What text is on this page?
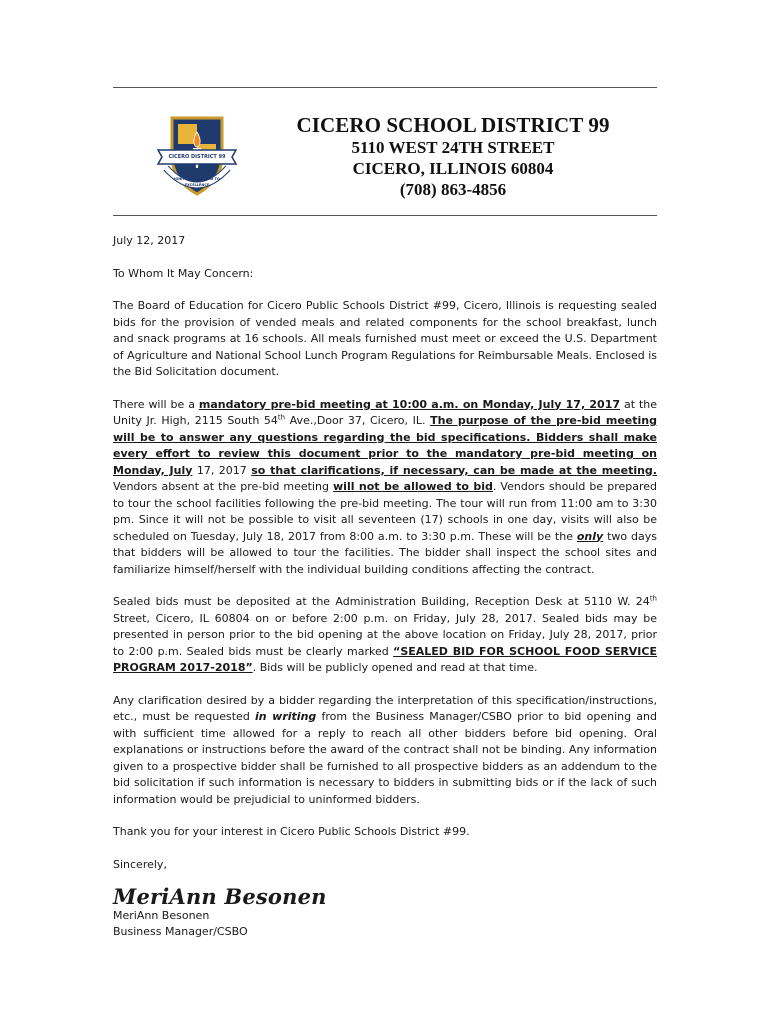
CICERO DISTRICT 99
IGNITING THE ROAD TO EXCELLENCE
CICERO SCHOOL DISTRICT 99
5110 WEST 24TH STREET
CICERO, ILLINOIS 60804
(708) 863-4856

July 12, 2017

To Whom It May Concern:

The Board of Education for Cicero Public Schools District #99, Cicero, Illinois is requesting sealed bids for the provision of vended meals and related components for the school breakfast, lunch and snack programs at 16 schools. All meals furnished must meet or exceed the U.S. Department of Agriculture and National School Lunch Program Regulations for Reimbursable Meals. Enclosed is the Bid Solicitation document.

There will be a mandatory pre-bid meeting at 10:00 a.m. on Monday, July 17, 2017 at the Unity Jr. High, 2115 South 54th Ave.,Door 37, Cicero, IL. The purpose of the pre-bid meeting will be to answer any questions regarding the bid specifications. Bidders shall make every effort to review this document prior to the mandatory pre-bid meeting on Monday, July 17, 2017 so that clarifications, if necessary, can be made at the meeting. Vendors absent at the pre-bid meeting will not be allowed to bid. Vendors should be prepared to tour the school facilities following the pre-bid meeting. The tour will run from 11:00 am to 3:30 pm. Since it will not be possible to visit all seventeen (17) schools in one day, visits will also be scheduled on Tuesday, July 18, 2017 from 8:00 a.m. to 3:30 p.m. These will be the only two days that bidders will be allowed to tour the facilities. The bidder shall inspect the school sites and familiarize himself/herself with the individual building conditions affecting the contract.

Sealed bids must be deposited at the Administration Building, Reception Desk at 5110 W. 24th Street, Cicero, IL 60804 on or before 2:00 p.m. on Friday, July 28, 2017. Sealed bids may be presented in person prior to the bid opening at the above location on Friday, July 28, 2017, prior to 2:00 p.m. Sealed bids must be clearly marked “SEALED BID FOR SCHOOL FOOD SERVICE PROGRAM 2017-2018”. Bids will be publicly opened and read at that time.

Any clarification desired by a bidder regarding the interpretation of this specification/instructions, etc., must be requested in writing from the Business Manager/CSBO prior to bid opening and with sufficient time allowed for a reply to reach all other bidders before bid opening. Oral explanations or instructions before the award of the contract shall not be binding. Any information given to a prospective bidder shall be furnished to all prospective bidders as an addendum to the bid solicitation if such information is necessary to bidders in submitting bids or if the lack of such information would be prejudicial to uninformed bidders.

Thank you for your interest in Cicero Public Schools District #99.

Sincerely,

MeriAnn Besonen

MeriAnn Besonen

Business Manager/CSBO
